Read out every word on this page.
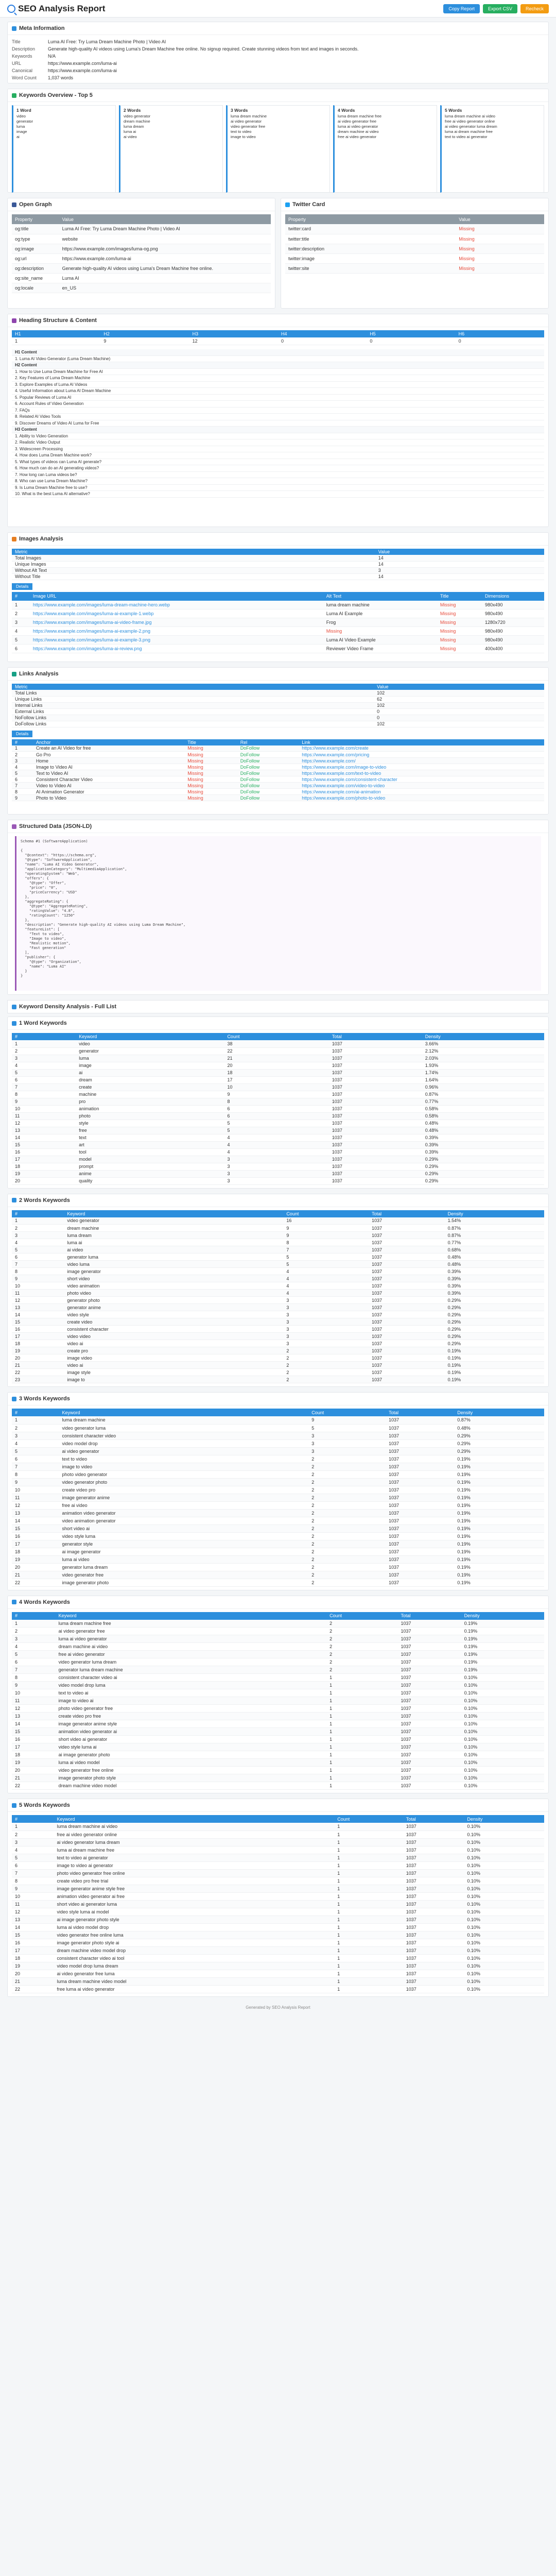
SEO Analysis Report	Copy Report	Export CSV	Recheck
Meta Information
Title	Luma AI Free: Try Luma Dream Machine Photo | Video AI
Description	Generate high-quality AI videos using Luma's Dream Machine free online. No signup required. Create stunning videos from text and images in seconds.
Keywords	N/A
URL	https://www.example.com/luma-ai
Canonical	https://www.example.com/luma-ai
Word Count	1,037 words
Keywords Overview - Top 5
1 Word
video
generator
luma
image
ai
2 Words
video generator
dream machine
luma dream
luma ai
ai video
3 Words
luma dream machine
ai video generator
video generator free
text to video
image to video
4 Words
luma dream machine free
ai video generator free
luma ai video generator
dream machine ai video
free ai video generator
5 Words
luma dream machine ai video
free ai video generator online
ai video generator luma dream
luma ai dream machine free
text to video ai generator
Open Graph
Property	Value
og:title	Luma AI Free: Try Luma Dream Machine Photo | Video AI
og:type	website
og:image	https://www.example.com/images/luma-og.png
og:url	https://www.example.com/luma-ai
og:description	Generate high-quality AI videos using Luma's Dream Machine free online.
og:site_name	Luma AI
og:locale	en_US
Twitter Card
Property	Value
twitter:card	Missing
twitter:title	Missing
twitter:description	Missing
twitter:image	Missing
twitter:site	Missing
Heading Structure & Content
H1	H2	H3	H4	H5	H6
1	9	12	0	0	0
H1 Content
1. Luma AI Video Generator (Luma Dream Machine)
H2 Content
1. How to Use Luma Dream Machine for Free AI
2. Key Features of Luma Dream Machine
3. Explore Examples of Luma AI Videos
4. Useful Information about Luma AI Dream Machine
5. Popular Reviews of Luma AI
6. Account Rules of Video Generation
7. FAQs
8. Related AI Video Tools
9. Discover Dreams of Video AI Luma for Free
H3 Content
1. Ability to Video Generation
2. Realistic Video Output
3. Widescreen Processing
4. How does Luma Dream Machine work?
5. What types of videos can Luma AI generate?
6. How much can do an AI generating videos?
7. How long can Luma videos be?
8. Who can use Luma Dream Machine?
9. Is Luma Dream Machine free to use?
10. What is the best Luma AI alternative?
Images Analysis
Metric	Value
Total Images	14
Unique Images	14
Without Alt Text	3
Without Title	14
Details
#	Image URL	Alt Text	Title	Dimensions
1	https://www.example.com/images/luma-dream-machine-hero.webp	luma dream machine	Missing	980x490
2	https://www.example.com/images/luma-ai-example-1.webp	Luma AI Example	Missing	980x490
3	https://www.example.com/images/luma-ai-video-frame.jpg	Frog	Missing	1280x720
4	https://www.example.com/images/luma-ai-example-2.png	Missing	Missing	980x490
5	https://www.example.com/images/luma-ai-example-3.png	Luma AI Video Example	Missing	980x490
6	https://www.example.com/images/luma-ai-review.png	Reviewer Video Frame	Missing	400x400
Links Analysis
Metric	Value
Total Links	102
Unique Links	62
Internal Links	102
External Links	0
NoFollow Links	0
DoFollow Links	102
Details
#	Anchor	Title	Rel	Link
1	Create an AI Video for free	Missing	DoFollow	https://www.example.com/create
2	Go Pro	Missing	DoFollow	https://www.example.com/pricing
3	Home	Missing	DoFollow	https://www.example.com/
4	Image to Video AI	Missing	DoFollow	https://www.example.com/image-to-video
5	Text to Video AI	Missing	DoFollow	https://www.example.com/text-to-video
6	Consistent Character Video	Missing	DoFollow	https://www.example.com/consistent-character
7	Video to Video AI	Missing	DoFollow	https://www.example.com/video-to-video
8	AI Animation Generator	Missing	DoFollow	https://www.example.com/ai-animation
9	Photo to Video	Missing	DoFollow	https://www.example.com/photo-to-video
Structured Data (JSON-LD)
Schema #1 (SoftwareApplication)

{
"@context": "https://schema.org",
"@type": "SoftwareApplication",
"name": "Luma AI Video Generator",
"applicationCategory": "MultimediaApplication",
"operatingSystem": "Web",
"offers": {
"@type": "Offer",
"price": "0",
"priceCurrency": "USD"
},
"aggregateRating": {
"@type": "AggregateRating",
"ratingValue": "4.8",
"ratingCount": "1250"
},
"description": "Generate high-quality AI videos using Luma Dream Machine",
"featureList": [
"Text to video",
"Image to video",
"Realistic motion",
"Fast generation"
],
"publisher": {
"@type": "Organization",
"name": "Luma AI"
}
}
Keyword Density Analysis - Full List
1 Word Keywords
#	Keyword	Count	Total	Density
1	video	38	1037	3.66%
2	generator	22	1037	2.12%
3	luma	21	1037	2.03%
4	image	20	1037	1.93%
5	ai	18	1037	1.74%
6	dream	17	1037	1.64%
7	create	10	1037	0.96%
8	machine	9	1037	0.87%
9	pro	8	1037	0.77%
10	animation	6	1037	0.58%
11	photo	6	1037	0.58%
12	style	5	1037	0.48%
13	free	5	1037	0.48%
14	text	4	1037	0.39%
15	art	4	1037	0.39%
16	tool	4	1037	0.39%
17	model	3	1037	0.29%
18	prompt	3	1037	0.29%
19	anime	3	1037	0.29%
20	quality	3	1037	0.29%
2 Words Keywords
#	Keyword	Count	Total	Density
1	video generator	16	1037	1.54%
2	dream machine	9	1037	0.87%
3	luma dream	9	1037	0.87%
4	luma ai	8	1037	0.77%
5	ai video	7	1037	0.68%
6	generator luma	5	1037	0.48%
7	video luma	5	1037	0.48%
8	image generator	4	1037	0.39%
9	short video	4	1037	0.39%
10	video animation	4	1037	0.39%
11	photo video	4	1037	0.39%
12	generator photo	3	1037	0.29%
13	generator anime	3	1037	0.29%
14	video style	3	1037	0.29%
15	create video	3	1037	0.29%
16	consistent character	3	1037	0.29%
17	video video	3	1037	0.29%
18	video ai	3	1037	0.29%
19	create pro	2	1037	0.19%
20	image video	2	1037	0.19%
21	video ai	2	1037	0.19%
22	image style	2	1037	0.19%
23	image to	2	1037	0.19%
3 Words Keywords
#	Keyword	Count	Total	Density
1	luma dream machine	9	1037	0.87%
2	video generator luma	5	1037	0.48%
3	consistent character video	3	1037	0.29%
4	video model drop	3	1037	0.29%
5	ai video generator	3	1037	0.29%
6	text to video	2	1037	0.19%
7	image to video	2	1037	0.19%
8	photo video generator	2	1037	0.19%
9	video generator photo	2	1037	0.19%
10	create video pro	2	1037	0.19%
11	image generator anime	2	1037	0.19%
12	free ai video	2	1037	0.19%
13	animation video generator	2	1037	0.19%
14	video animation generator	2	1037	0.19%
15	short video ai	2	1037	0.19%
16	video style luma	2	1037	0.19%
17	generator style	2	1037	0.19%
18	ai image generator	2	1037	0.19%
19	luma ai video	2	1037	0.19%
20	generator luma dream	2	1037	0.19%
21	video generator free	2	1037	0.19%
22	image generator photo	2	1037	0.19%
4 Words Keywords
#	Keyword	Count	Total	Density
1	luma dream machine free	2	1037	0.19%
2	ai video generator free	2	1037	0.19%
3	luma ai video generator	2	1037	0.19%
4	dream machine ai video	2	1037	0.19%
5	free ai video generator	2	1037	0.19%
6	video generator luma dream	2	1037	0.19%
7	generator luma dream machine	2	1037	0.19%
8	consistent character video ai	1	1037	0.10%
9	video model drop luma	1	1037	0.10%
10	text to video ai	1	1037	0.10%
11	image to video ai	1	1037	0.10%
12	photo video generator free	1	1037	0.10%
13	create video pro free	1	1037	0.10%
14	image generator anime style	1	1037	0.10%
15	animation video generator ai	1	1037	0.10%
16	short video ai generator	1	1037	0.10%
17	video style luma ai	1	1037	0.10%
18	ai image generator photo	1	1037	0.10%
19	luma ai video model	1	1037	0.10%
20	video generator free online	1	1037	0.10%
21	image generator photo style	1	1037	0.10%
22	dream machine video model	1	1037	0.10%
5 Words Keywords
#	Keyword	Count	Total	Density
1	luma dream machine ai video	1	1037	0.10%
2	free ai video generator online	1	1037	0.10%
3	ai video generator luma dream	1	1037	0.10%
4	luma ai dream machine free	1	1037	0.10%
5	text to video ai generator	1	1037	0.10%
6	image to video ai generator	1	1037	0.10%
7	photo video generator free online	1	1037	0.10%
8	create video pro free trial	1	1037	0.10%
9	image generator anime style free	1	1037	0.10%
10	animation video generator ai free	1	1037	0.10%
11	short video ai generator luma	1	1037	0.10%
12	video style luma ai model	1	1037	0.10%
13	ai image generator photo style	1	1037	0.10%
14	luma ai video model drop	1	1037	0.10%
15	video generator free online luma	1	1037	0.10%
16	image generator photo style ai	1	1037	0.10%
17	dream machine video model drop	1	1037	0.10%
18	consistent character video ai tool	1	1037	0.10%
19	video model drop luma dream	1	1037	0.10%
20	ai video generator free luma	1	1037	0.10%
21	luma dream machine video model	1	1037	0.10%
22	free luma ai video generator	1	1037	0.10%
Generated by SEO Analysis Report
